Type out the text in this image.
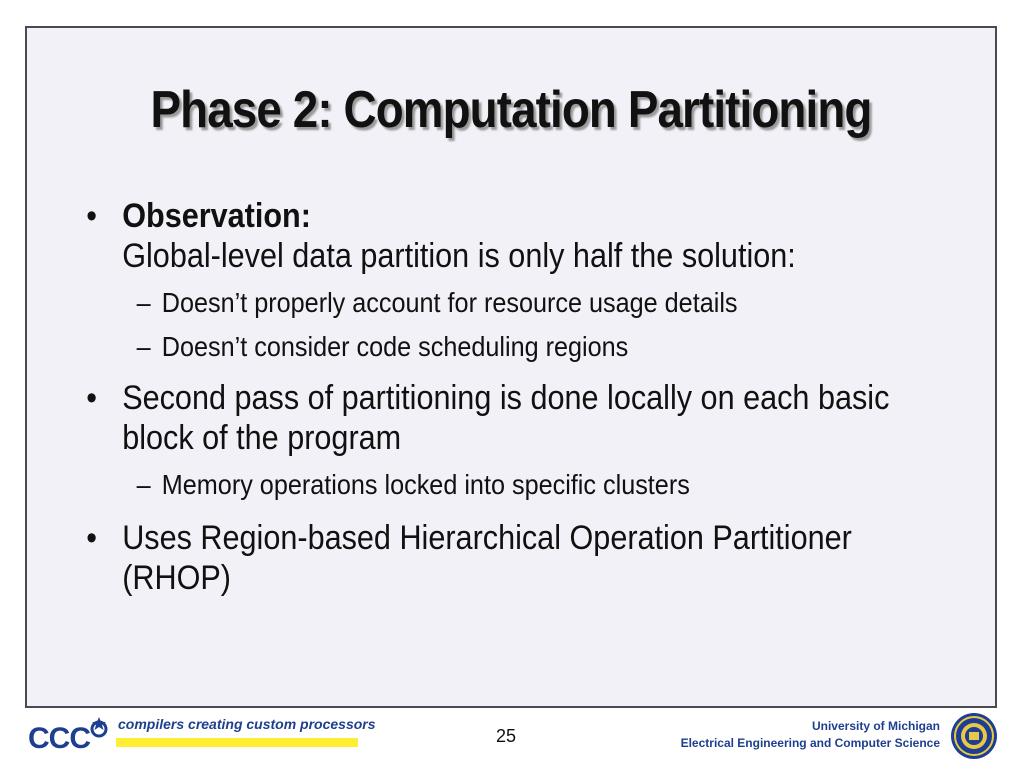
Phase 2: Computation Partitioning
• Observation:
Global-level data partition is only half the solution:
– Doesn’t properly account for resource usage details
– Doesn’t consider code scheduling regions
• Second pass of partitioning is done locally on each basic block of the program
– Memory operations locked into specific clusters
• Uses Region-based Hierarchical Operation Partitioner (RHOP)
CCC compilers creating custom processors
25	University of Michigan
Electrical Engineering and Computer Science
